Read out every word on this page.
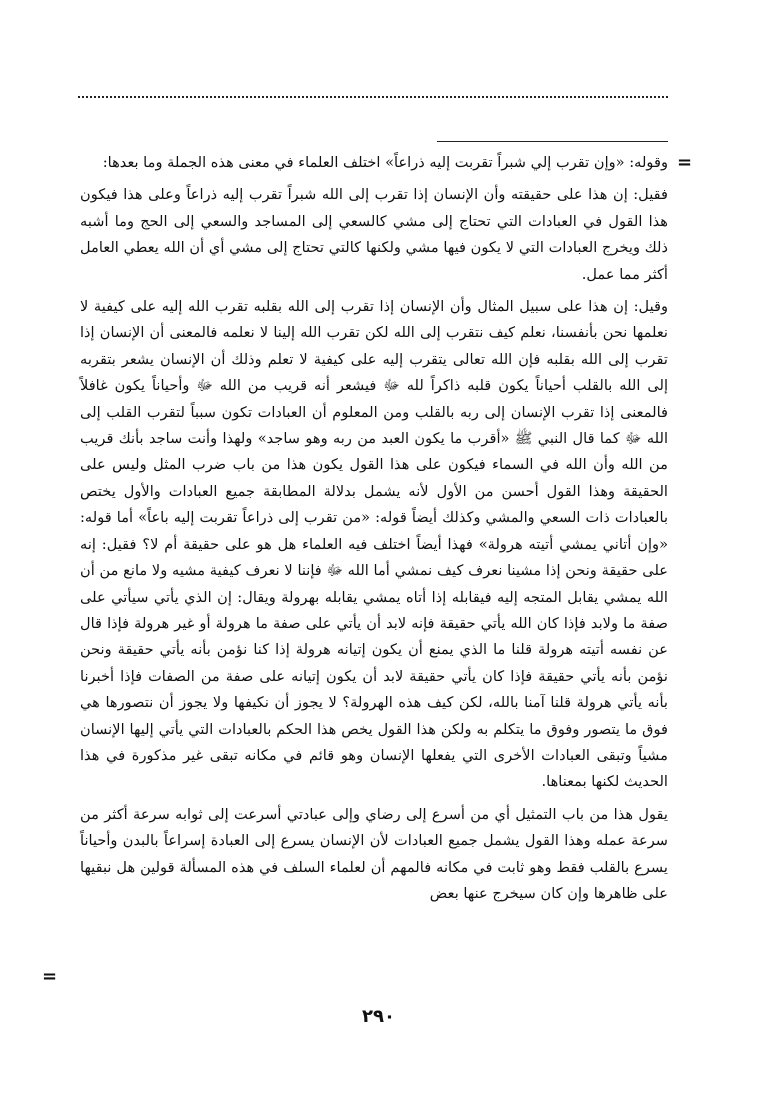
=

وقوله: «وإن تقرب إلي شبراً تقربت إليه ذراعاً» اختلف العلماء في معنى هذه الجملة وما بعدها:

فقيل: إن هذا على حقيقته وأن الإنسان إذا تقرب إلى الله شبراً تقرب إليه ذراعاً وعلى هذا فيكون هذا القول في العبادات التي تحتاج إلى مشي كالسعي إلى المساجد والسعي إلى الحج وما أشبه ذلك ويخرج العبادات التي لا يكون فيها مشي ولكنها كالتي تحتاج إلى مشي أي أن الله يعطي العامل أكثر مما عمل.

وقيل: إن هذا على سبيل المثال وأن الإنسان إذا تقرب إلى الله بقلبه تقرب الله إليه على كيفية لا نعلمها نحن بأنفسنا، نعلم كيف نتقرب إلى الله لكن تقرب الله إلينا لا نعلمه فالمعنى أن الإنسان إذا تقرب إلى الله بقلبه فإن الله تعالى يتقرب إليه على كيفية لا تعلم وذلك أن الإنسان يشعر بتقربه إلى الله بالقلب أحياناً يكون قلبه ذاكراً لله ﷻ فيشعر أنه قريب من الله ﷻ وأحياناً يكون غافلاً فالمعنى إذا تقرب الإنسان إلى ربه بالقلب ومن المعلوم أن العبادات تكون سبباً لتقرب القلب إلى الله ﷻ كما قال النبي ﷺ «أقرب ما يكون العبد من ربه وهو ساجد» ولهذا وأنت ساجد بأنك قريب من الله وأن الله في السماء فيكون على هذا القول يكون هذا من باب ضرب المثل وليس على الحقيقة وهذا القول أحسن من الأول لأنه يشمل بدلالة المطابقة جميع العبادات والأول يختص بالعبادات ذات السعي والمشي وكذلك أيضاً قوله: «من تقرب إلى ذراعاً تقربت إليه باعاً» أما قوله: «وإن أتاني يمشي أتيته هرولة» فهذا أيضاً اختلف فيه العلماء هل هو على حقيقة أم لا؟ فقيل: إنه على حقيقة ونحن إذا مشينا نعرف كيف نمشي أما الله ﷻ فإننا لا نعرف كيفية مشيه ولا مانع من أن الله يمشي يقابل المتجه إليه فيقابله إذا أتاه يمشي يقابله بهرولة ويقال: إن الذي يأتي سيأتي على صفة ما ولابد فإذا كان الله يأتي حقيقة فإنه لابد أن يأتي على صفة ما هرولة أو غير هرولة فإذا قال عن نفسه أتيته هرولة قلنا ما الذي يمنع أن يكون إتيانه هرولة إذا كنا نؤمن بأنه يأتي حقيقة ونحن نؤمن بأنه يأتي حقيقة فإذا كان يأتي حقيقة لابد أن يكون إتيانه على صفة من الصفات فإذا أخبرنا بأنه يأتي هرولة قلنا آمنا بالله، لكن كيف هذه الهرولة؟ لا يجوز أن نكيفها ولا يجوز أن نتصورها هي فوق ما يتصور وفوق ما يتكلم به ولكن هذا القول يخص هذا الحكم بالعبادات التي يأتي إليها الإنسان مشياً وتبقى العبادات الأخرى التي يفعلها الإنسان وهو قائم في مكانه تبقى غير مذكورة في هذا الحديث لكنها بمعناها.

يقول هذا من باب التمثيل أي من أسرع إلى رضاي وإلى عبادتي أسرعت إلى ثوابه سرعة أكثر من سرعة عمله وهذا القول يشمل جميع العبادات لأن الإنسان يسرع إلى العبادة إسراعاً بالبدن وأحياناً يسرع بالقلب فقط وهو ثابت في مكانه فالمهم أن لعلماء السلف في هذه المسألة قولين هل نبقيها على ظاهرها وإن كان سيخرج عنها بعض

=
٢٩٠
